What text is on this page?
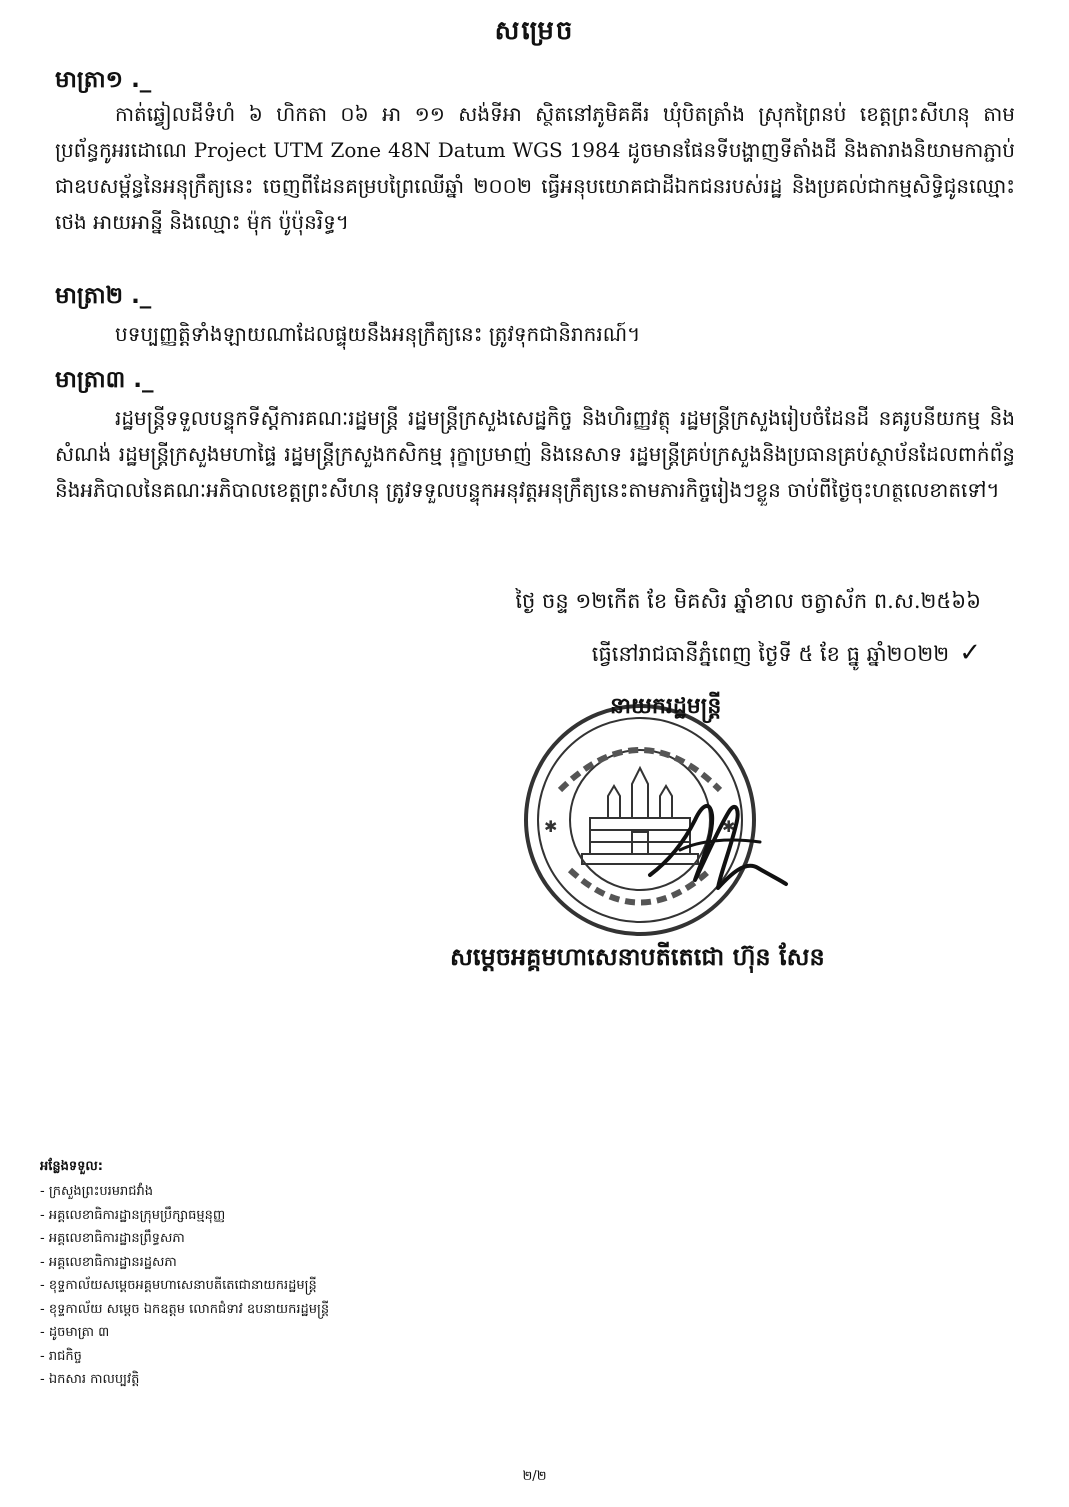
សម្រេច
មាត្រា១ ._
កាត់ឆ្វៀលដីទំហំ ៦ ហិកតា ០៦ អា ១១ សង់ទីអា ស្ថិតនៅភូមិគគីរ ឃុំបិតត្រាំង ស្រុកព្រៃនប់ ខេត្តព្រះសីហនុ តាមប្រព័ន្ធកូអរដោណេ Project UTM Zone 48N Datum WGS 1984 ដូចមានផែនទីបង្ហាញទីតាំងដី និងតារាងនិយាមកាភ្ជាប់ជាឧបសម្ព័ន្ធនៃអនុក្រឹត្យនេះ ចេញពីដែនគម្របព្រៃឈើឆ្នាំ ២០០២ ធ្វើអនុបយោគជាដីឯកជនរបស់រដ្ឋ និងប្រគល់ជាកម្មសិទ្ធិជូនឈ្មោះ ថេង អាយអាន្នី និងឈ្មោះ ម៉ុក ប៉ូប៉ុនរិទ្ធ។
មាត្រា២ ._
បទប្បញ្ញត្តិទាំងឡាយណាដែលផ្ទុយនឹងអនុក្រឹត្យនេះ ត្រូវទុកជានិរាករណ៍។
មាត្រា៣ ._
រដ្ឋមន្ត្រីទទួលបន្ទុកទីស្តីការគណៈរដ្ឋមន្ត្រី រដ្ឋមន្ត្រីក្រសួងសេដ្ឋកិច្ច និងហិរញ្ញវត្ថុ រដ្ឋមន្ត្រីក្រសួងរៀបចំដែនដី នគរូបនីយកម្ម និងសំណង់ រដ្ឋមន្ត្រីក្រសួងមហាផ្ទៃ រដ្ឋមន្ត្រីក្រសួងកសិកម្ម រុក្ខាប្រមាញ់ និងនេសាទ រដ្ឋមន្ត្រីគ្រប់ក្រសួងនិងប្រធានគ្រប់ស្ថាប័នដែលពាក់ព័ន្ធ និងអភិបាលនៃគណៈអភិបាលខេត្តព្រះសីហនុ ត្រូវទទួលបន្ទុកអនុវត្តអនុក្រឹត្យនេះតាមភារកិច្ចរៀងៗខ្លួន ចាប់ពីថ្ងៃចុះហត្ថលេខាតទៅ។
ថ្ងៃ ចន្ទ ១២កើត ខែ មិគសិរ ឆ្នាំខាល ចត្វាស័ក ព.ស.២៥៦៦
ធ្វើនៅរាជធានីភ្នំពេញ ថ្ងៃទី ៥ ខែ ធ្នូ ឆ្នាំ២០២២ ✓
នាយករដ្ឋមន្ត្រី
✱	✱
សម្តេចអគ្គមហាសេនាបតីតេជោ ហ៊ុន សែន
អន្លែងទទួល:
- ក្រសួងព្រះបរមរាជវាំង
- អគ្គលេខាធិការដ្ឋានក្រុមប្រឹក្សាធម្មនុញ្ញ
- អគ្គលេខាធិការដ្ឋានព្រឹទ្ធសភា
- អគ្គលេខាធិការដ្ឋានរដ្ឋសភា
- ខុទ្ទកាល័យសម្តេចអគ្គមហាសេនាបតីតេជោនាយករដ្ឋមន្ត្រី
- ខុទ្ទកាល័យ សម្តេច ឯកឧត្តម លោកជំទាវ ឧបនាយករដ្ឋមន្ត្រី
- ដូចមាត្រា ៣
- រាជកិច្ច
- ឯកសារ កាលប្បវត្តិ
២/២
